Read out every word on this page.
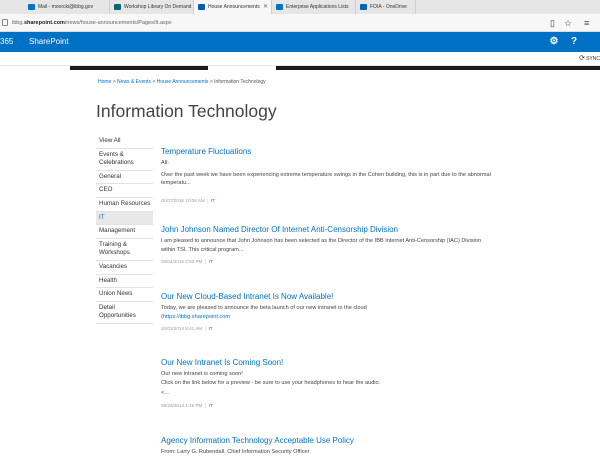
Mail - moorcki@ibbg.gov	Workshop Library On Demand	House Announcements ✕	Enterprise Applications Lists	FOIA - OneDrive
ibbg.sharepoint.com/news/house-announcements/Pages/It.aspx	▯ ☆ ≡
365 SharePoint	⚙	?
⟳ SYNC
Home > News & Events > House Announcements > Information Technology
Information Technology
View All
Events & Celebrations
General
CEO
Human Resources
IT
Management
Training & Workshops
Vacancies
Health
Union News
Detail Opportunities
Temperature Fluctuations
All:
Over the past week we have been experiencing extreme temperature swings in the Cohen building, this is in part due to the abnormal temperatu...
01/07/2016 10:06 AM  |  IT
John Johnson Named Director Of Internet Anti-Censorship Division
I am pleased to announce that John Johnson has been selected as the Director of the IBB Internet Anti-Censorship (IAC) Division within TSI. This critical program...
03/04/2015 2:53 PM  |  IT
Our New Cloud-Based Intranet Is Now Available!
Today, we are pleased to announce the beta launch of our new intranet in the cloud
(https://ibbg.sharepoint.com
10/01/2014 8:41 AM  |  IT
Our New Intranet Is Coming Soon!
Our new intranet is coming soon!
Click on the link below for a preview - be sure to use your headphones to hear the audio.
<...
09/26/2014 1:16 PM  |  IT
Agency Information Technology Acceptable Use Policy
From: Larry G. Rubendall, Chief Information Security Officer
